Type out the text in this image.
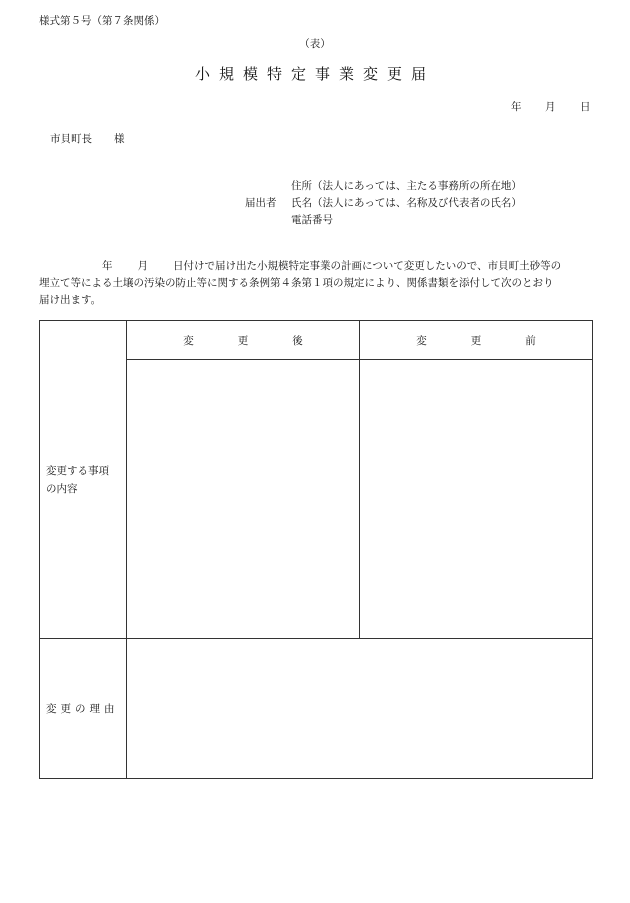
様式第５号（第７条関係）
（表）
小規模特定事業変更届
年 月 日
市貝町長 様
住所（法人にあっては、主たる事務所の所在地）
届出者 氏名（法人にあっては、名称及び代表者の氏名）
電話番号
年 月 日付けで届け出た小規模特定事業の計画について変更したいので、市貝町土砂等の
埋立て等による土壌の汚染の防止等に関する条例第４条第１項の規定により、関係書類を添付して次のとおり
届け出ます。
変更する事項
の内容	変更後	変更前

変更の理由		
